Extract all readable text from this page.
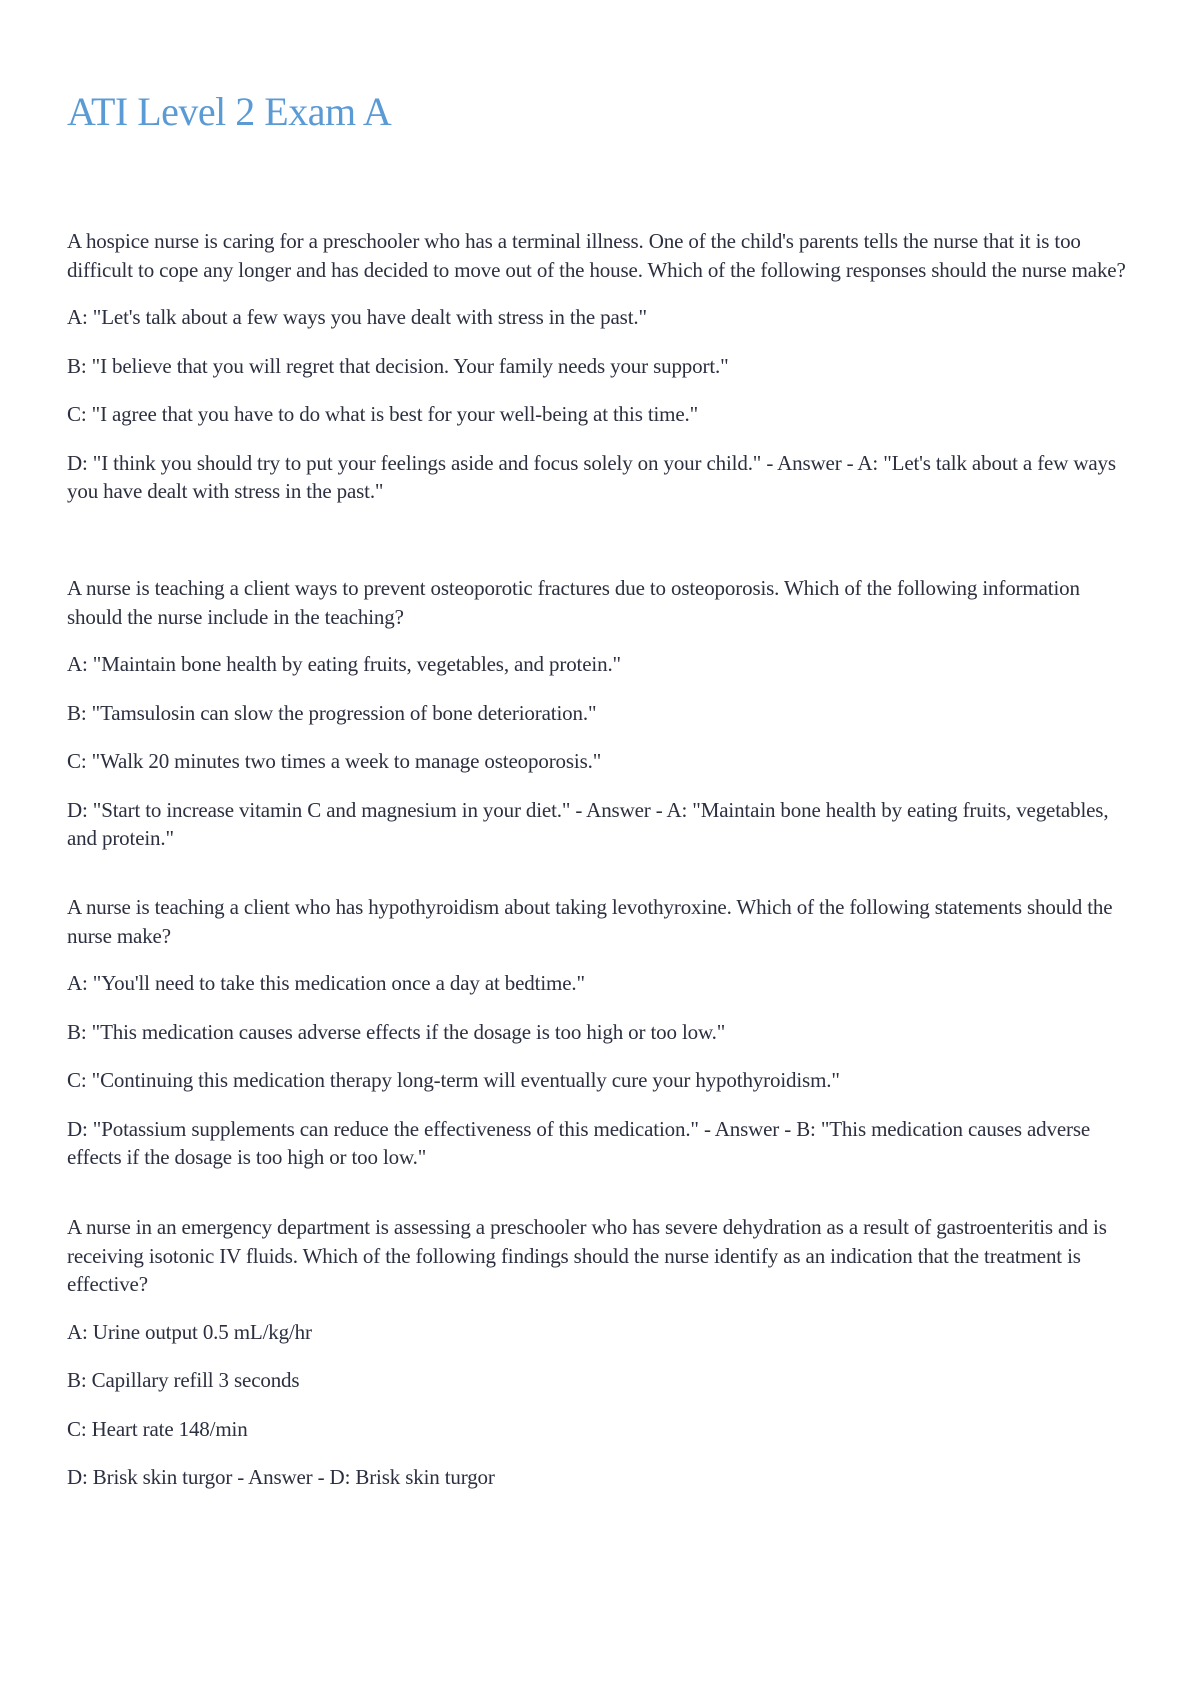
ATI Level 2 Exam A

A hospice nurse is caring for a preschooler who has a terminal illness. One of the child's parents tells the nurse that it is too difficult to cope any longer and has decided to move out of the house. Which of the following responses should the nurse make?

A: "Let's talk about a few ways you have dealt with stress in the past."

B: "I believe that you will regret that decision. Your family needs your support."

C: "I agree that you have to do what is best for your well-being at this time."

D: "I think you should try to put your feelings aside and focus solely on your child." - Answer - A: "Let's talk about a few ways you have dealt with stress in the past."

A nurse is teaching a client ways to prevent osteoporotic fractures due to osteoporosis. Which of the following information should the nurse include in the teaching?

A: "Maintain bone health by eating fruits, vegetables, and protein."

B: "Tamsulosin can slow the progression of bone deterioration."

C: "Walk 20 minutes two times a week to manage osteoporosis."

D: "Start to increase vitamin C and magnesium in your diet." - Answer - A: "Maintain bone health by eating fruits, vegetables, and protein."

A nurse is teaching a client who has hypothyroidism about taking levothyroxine. Which of the following statements should the nurse make?

A: "You'll need to take this medication once a day at bedtime."

B: "This medication causes adverse effects if the dosage is too high or too low."

C: "Continuing this medication therapy long-term will eventually cure your hypothyroidism."

D: "Potassium supplements can reduce the effectiveness of this medication." - Answer - B: "This medication causes adverse effects if the dosage is too high or too low."

A nurse in an emergency department is assessing a preschooler who has severe dehydration as a result of gastroenteritis and is receiving isotonic IV fluids. Which of the following findings should the nurse identify as an indication that the treatment is effective?

A: Urine output 0.5 mL/kg/hr

B: Capillary refill 3 seconds

C: Heart rate 148/min

D: Brisk skin turgor - Answer - D: Brisk skin turgor
